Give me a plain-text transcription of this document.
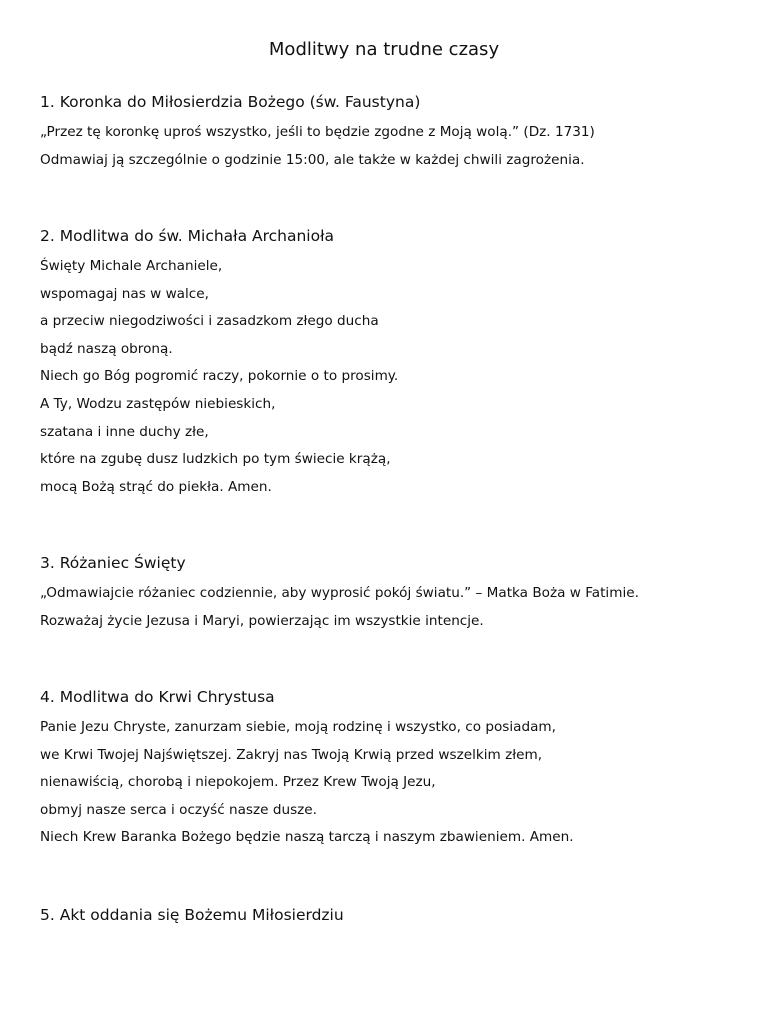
Modlitwy na trudne czasy
1. Koronka do Miłosierdzia Bożego (św. Faustyna)
„Przez tę koronkę uproś wszystko, jeśli to będzie zgodne z Moją wolą.” (Dz. 1731)
Odmawiaj ją szczególnie o godzinie 15:00, ale także w każdej chwili zagrożenia.
2. Modlitwa do św. Michała Archanioła
Święty Michale Archaniele,
wspomagaj nas w walce,
a przeciw niegodziwości i zasadzkom złego ducha
bądź naszą obroną.
Niech go Bóg pogromić raczy, pokornie o to prosimy.
A Ty, Wodzu zastępów niebieskich,
szatana i inne duchy złe,
które na zgubę dusz ludzkich po tym świecie krążą,
mocą Bożą strąć do piekła. Amen.
3. Różaniec Święty
„Odmawiajcie różaniec codziennie, aby wyprosić pokój światu.” – Matka Boża w Fatimie.
Rozważaj życie Jezusa i Maryi, powierzając im wszystkie intencje.
4. Modlitwa do Krwi Chrystusa
Panie Jezu Chryste, zanurzam siebie, moją rodzinę i wszystko, co posiadam,
we Krwi Twojej Najświętszej. Zakryj nas Twoją Krwią przed wszelkim złem,
nienawiścią, chorobą i niepokojem. Przez Krew Twoją Jezu,
obmyj nasze serca i oczyść nasze dusze.
Niech Krew Baranka Bożego będzie naszą tarczą i naszym zbawieniem. Amen.
5. Akt oddania się Bożemu Miłosierdziu
